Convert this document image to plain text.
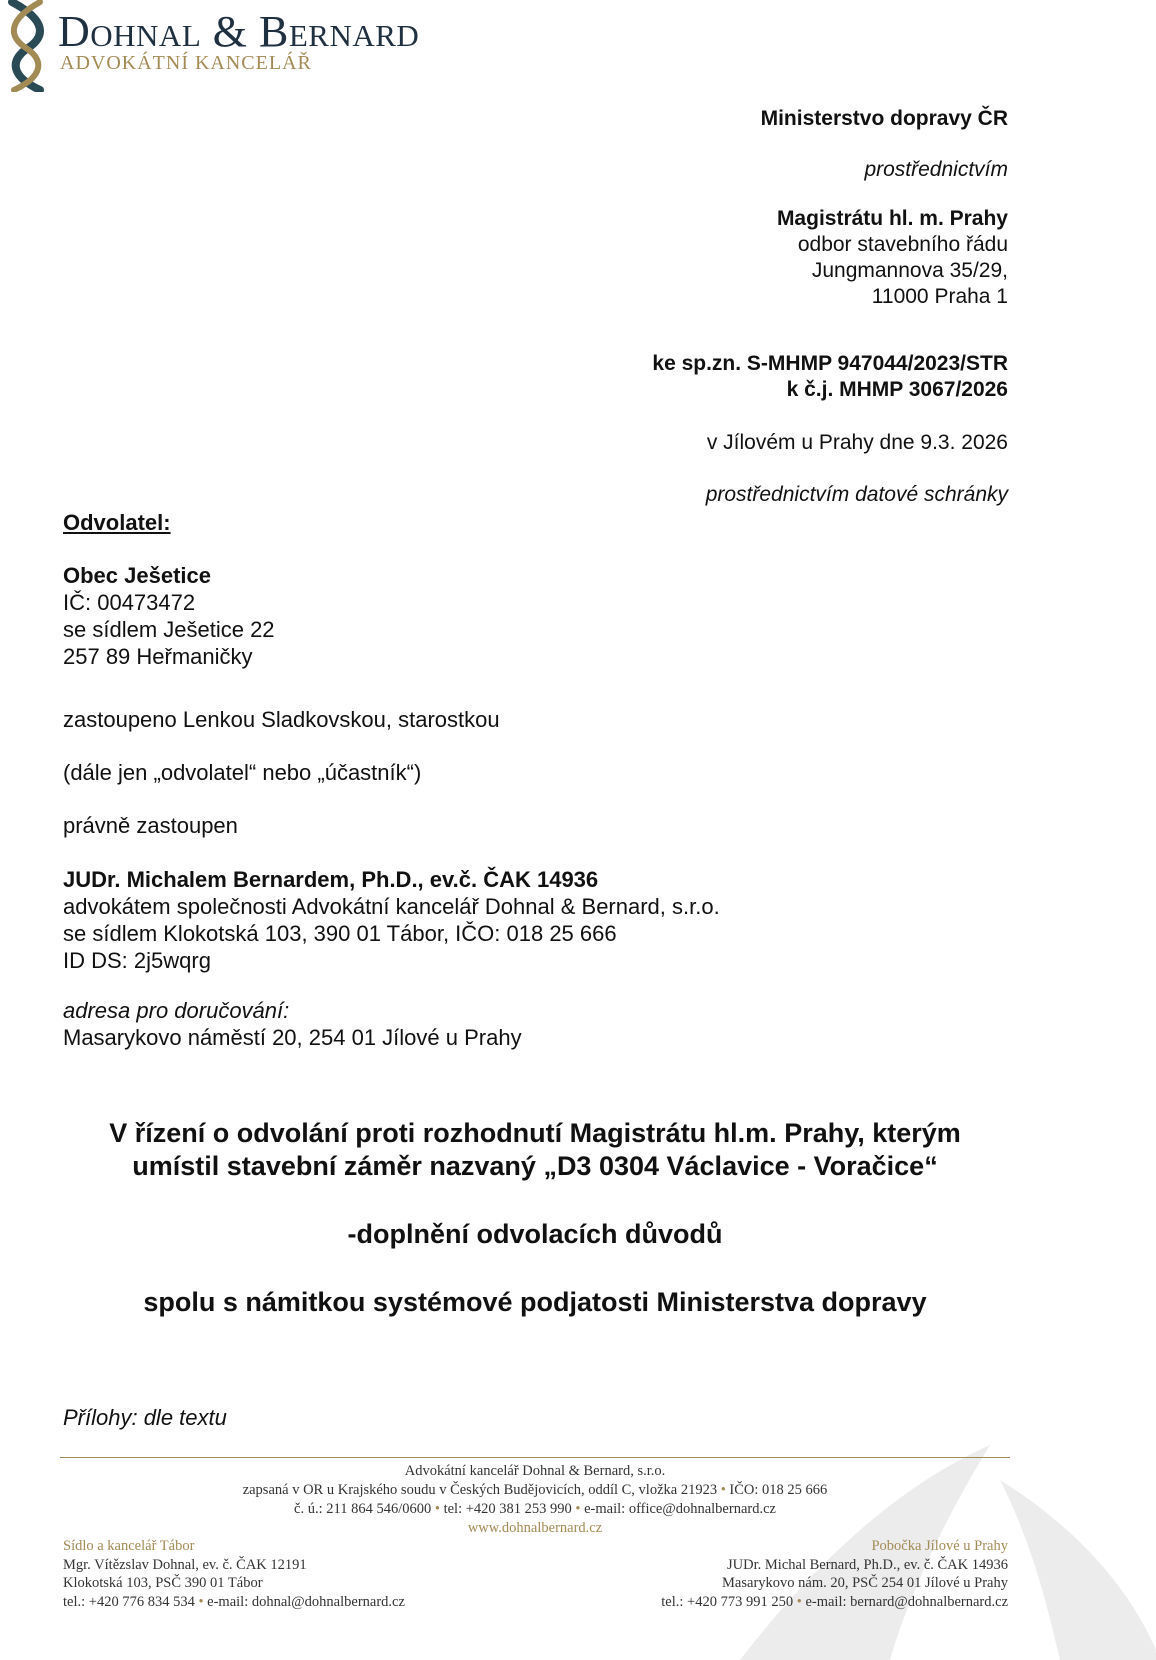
Dohnal & Bernard
ADVOKÁTNÍ KANCELÁŘ
Ministerstvo dopravy ČR
prostřednictvím
Magistrátu hl. m. Prahy
odbor stavebního řádu
Jungmannova 35/29,
11000 Praha 1
ke sp.zn. S-MHMP 947044/2023/STR
k č.j. MHMP 3067/2026
v Jílovém u Prahy dne 9.3. 2026
prostřednictvím datové schránky
Odvolatel:
Obec Ješetice
IČ: 00473472
se sídlem Ješetice 22
257 89 Heřmaničky
zastoupeno Lenkou Sladkovskou, starostkou
(dále jen „odvolatel“ nebo „účastník“)
právně zastoupen
JUDr. Michalem Bernardem, Ph.D., ev.č. ČAK 14936
advokátem společnosti Advokátní kancelář Dohnal & Bernard, s.r.o.
se sídlem Klokotská 103, 390 01 Tábor, IČO: 018 25 666
ID DS: 2j5wqrg
adresa pro doručování:
Masarykovo náměstí 20, 254 01 Jílové u Prahy
V řízení o odvolání proti rozhodnutí Magistrátu hl.m. Prahy, kterým
umístil stavební záměr nazvaný „D3 0304 Václavice - Voračice“
-doplnění odvolacích důvodů
spolu s námitkou systémové podjatosti Ministerstva dopravy
Přílohy: dle textu
Advokátní kancelář Dohnal & Bernard, s.r.o.
zapsaná v OR u Krajského soudu v Českých Budějovicích, oddíl C, vložka 21923 • IČO: 018 25 666
č. ú.: 211 864 546/0600 • tel: +420 381 253 990 • e-mail: office@dohnalbernard.cz
www.dohnalbernard.cz
Sídlo a kancelář Tábor
Mgr. Vítězslav Dohnal, ev. č. ČAK 12191
Klokotská 103, PSČ 390 01 Tábor
tel.: +420 776 834 534 • e-mail: dohnal@dohnalbernard.cz
Pobočka Jílové u Prahy
JUDr. Michal Bernard, Ph.D., ev. č. ČAK 14936
Masarykovo nám. 20, PSČ 254 01 Jílové u Prahy
tel.: +420 773 991 250 • e-mail: bernard@dohnalbernard.cz
